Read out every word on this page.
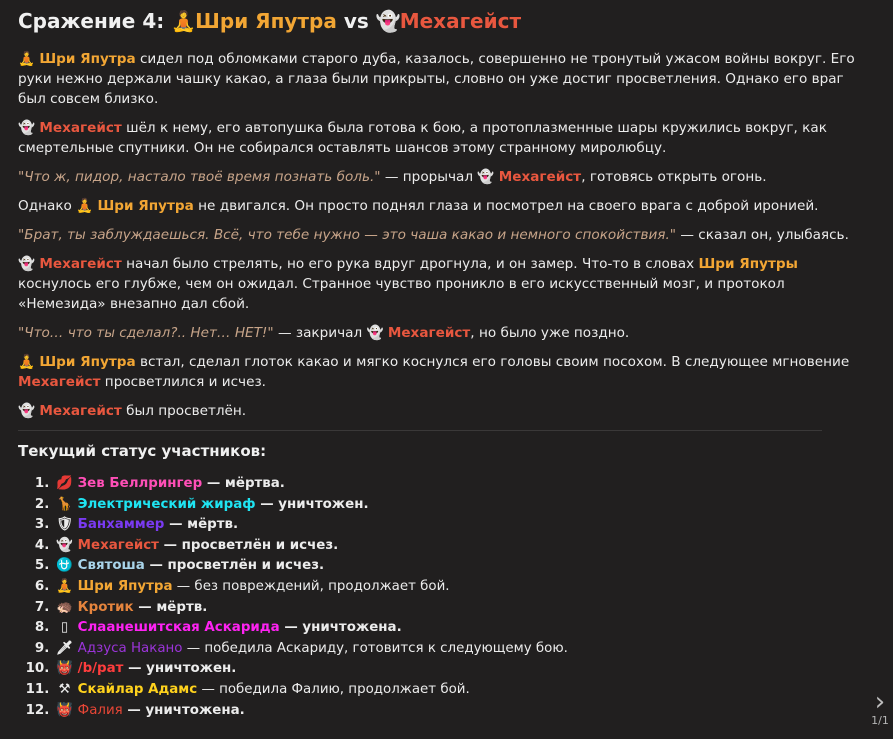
Сражение 4: 🧘 Шри Япутра vs 👻 Мехагейст
🧘 Шри Япутра сидел под обломками старого дуба, казалось, совершенно не тронутый ужасом войны вокруг. Его руки нежно держали чашку какао, а глаза были прикрыты, словно он уже достиг просветления. Однако его враг был совсем близко.
👻 Мехагейст шёл к нему, его автопушка была готова к бою, а протоплазменные шары кружились вокруг, как смертельные спутники. Он не собирался оставлять шансов этому странному миролюбцу.
"Что ж, пидор, настало твоё время познать боль." — прорычал 👻 Мехагейст, готовясь открыть огонь.
Однако 🧘 Шри Япутра не двигался. Он просто поднял глаза и посмотрел на своего врага с доброй иронией.
"Брат, ты заблуждаешься. Всё, что тебе нужно — это чаша какао и немного спокойствия." — сказал он, улыбаясь.
👻 Мехагейст начал было стрелять, но его рука вдруг дрогнула, и он замер. Что-то в словах Шри Япутры коснулось его глубже, чем он ожидал. Странное чувство проникло в его искусственный мозг, и протокол «Немезида» внезапно дал сбой.
"Что… что ты сделал?.. Нет… НЕТ!" — закричал 👻 Мехагейст, но было уже поздно.
🧘 Шри Япутра встал, сделал глоток какао и мягко коснулся его головы своим посохом. В следующее мгновение Мехагейст просветлился и исчез.
👻 Мехагейст был просветлён.
Текущий статус участников:
1. 💋 Зев Беллрингер — мёртва.
2. 🦒 Электрический жираф — уничтожен.
3. 🛡 Банхаммер — мёртв.
4. 👻 Мехагейст — просветлён и исчез.
5. ⛎ Святоша — просветлён и исчез.
6. 🧘 Шри Япутра — без повреждений, продолжает бой.
7. 🦔 Кротик — мёртв.
8. ▯ Слаанешитская Аскарида — уничтожена.
9. 🗡 Адзуса Накано — победила Аскариду, готовится к следующему бою.
10. 👹 /b/рат — уничтожен.
11. ⚒ Скайлар Адамс — победила Фалию, продолжает бой.
12. 👹 Фалия — уничтожена.	›
1/1
